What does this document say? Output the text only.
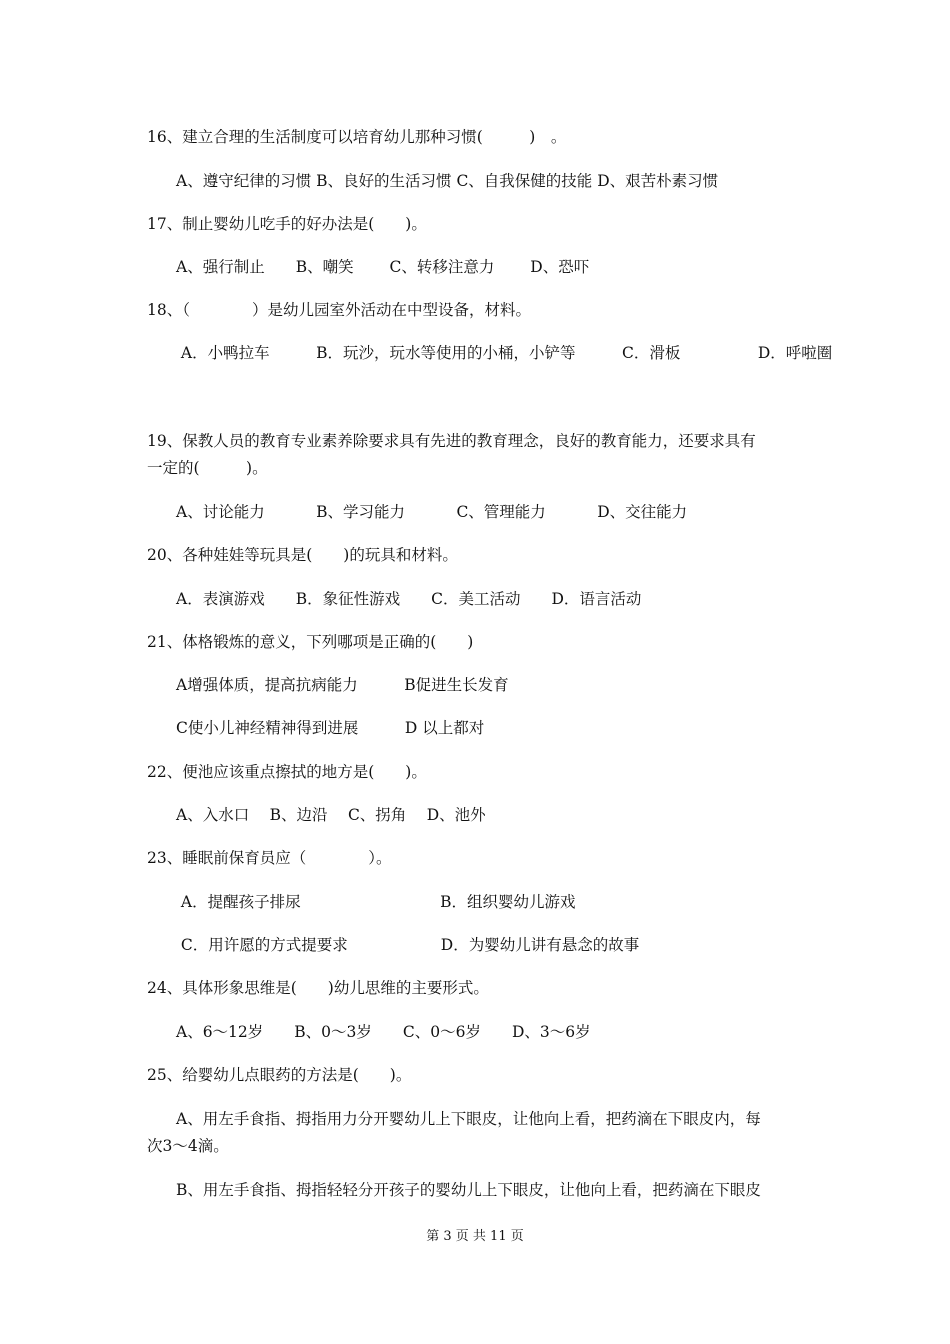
16、建立合理的生活制度可以培育幼儿那种习惯(　　　)　。
A、遵守纪律的习惯 B、良好的生活习惯 C、自我保健的技能 D、艰苦朴素习惯
17、制止婴幼儿吃手的好办法是(　　)。
A、强行制止　　B、嘲笑　　 C、转移注意力　　 D、恐吓
18、（　　　　）是幼儿园室外活动在中型设备，材料。
A．小鸭拉车　　　B．玩沙，玩水等使用的小桶，小铲等　　　C．滑板　　　　　D．呼啦圈
19、保教人员的教育专业素养除要求具有先进的教育理念，良好的教育能力，还要求具有
一定的(　　　)。
A、讨论能力　　　 B、学习能力　　　 C、管理能力　　　 D、交往能力
20、各种娃娃等玩具是(　　)的玩具和材料。
A．表演游戏　　B．象征性游戏　　C．美工活动　　D．语言活动
21、体格锻炼的意义，下列哪项是正确的(　　)
A增强体质，提高抗病能力　　　B促进生长发育
C使小儿神经精神得到进展　　　D 以上都对
22、便池应该重点擦拭的地方是(　　)。
A、入水口　 B、边沿　 C、拐角　 D、池外
23、睡眠前保育员应（　　　　）。
A．提醒孩子排尿　　　　　　　　　B．组织婴幼儿游戏
C．用许愿的方式提要求　　　　　　D．为婴幼儿讲有悬念的故事
24、具体形象思维是(　　)幼儿思维的主要形式。
A、6～12岁　　B、0～3岁　　C、0～6岁　　D、3～6岁
25、给婴幼儿点眼药的方法是(　　)。
A、用左手食指、拇指用力分开婴幼儿上下眼皮，让他向上看，把药滴在下眼皮内，每
次3～4滴。
B、用左手食指、拇指轻轻分开孩子的婴幼儿上下眼皮，让他向上看，把药滴在下眼皮
第 3 页 共 11 页
